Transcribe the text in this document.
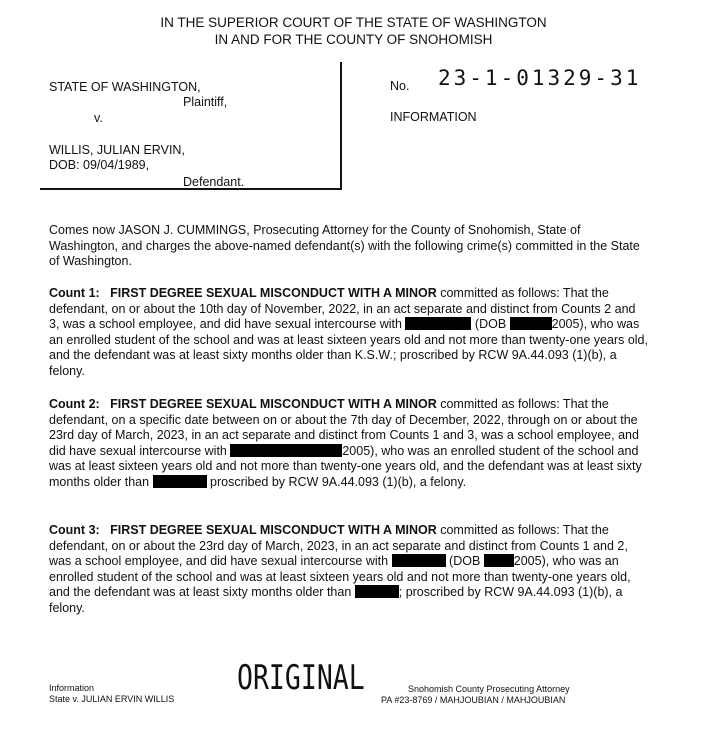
IN THE SUPERIOR COURT OF THE STATE OF WASHINGTON
IN AND FOR THE COUNTY OF SNOHOMISH
STATE OF WASHINGTON,
Plaintiff,
v.
WILLIS, JULIAN ERVIN,
DOB: 09/04/1989,
Defendant.
No. 23-1-01329-31
INFORMATION

Comes now JASON J. CUMMINGS, Prosecuting Attorney for the County of Snohomish, State of Washington, and charges the above-named defendant(s) with the following crime(s) committed in the State of Washington.

Count 1: FIRST DEGREE SEXUAL MISCONDUCT WITH A MINOR committed as follows: That the defendant, on or about the 10th day of November, 2022, in an act separate and distinct from Counts 2 and 3, was a school employee, and did have sexual intercourse with	(DOB	2005), who was an enrolled student of the school and was at least sixteen years old and not more than twenty-one years old, and the defendant was at least sixty months older than K.S.W.; proscribed by RCW 9A.44.093 (1)(b), a felony.

Count 2: FIRST DEGREE SEXUAL MISCONDUCT WITH A MINOR committed as follows: That the defendant, on a specific date between on or about the 7th day of December, 2022, through on or about the 23rd day of March, 2023, in an act separate and distinct from Counts 1 and 3, was a school employee, and did have sexual intercourse with	2005), who was an enrolled student of the school and was at least sixteen years old and not more than twenty-one years old, and the defendant was at least sixty months older than	proscribed by RCW 9A.44.093 (1)(b), a felony.

Count 3: FIRST DEGREE SEXUAL MISCONDUCT WITH A MINOR committed as follows: That the defendant, on or about the 23rd day of March, 2023, in an act separate and distinct from Counts 1 and 2, was a school employee, and did have sexual intercourse with	(DOB 2005), who was an enrolled student of the school and was at least sixteen years old and not more than twenty-one years old, and the defendant was at least sixty months older than	; proscribed by RCW 9A.44.093 (1)(b), a felony.

ORIGINAL
Information
State v. JULIAN ERVIN WILLIS
Snohomish County Prosecuting Attorney
PA #23-8769 / MAHJOUBIAN / MAHJOUBIAN
